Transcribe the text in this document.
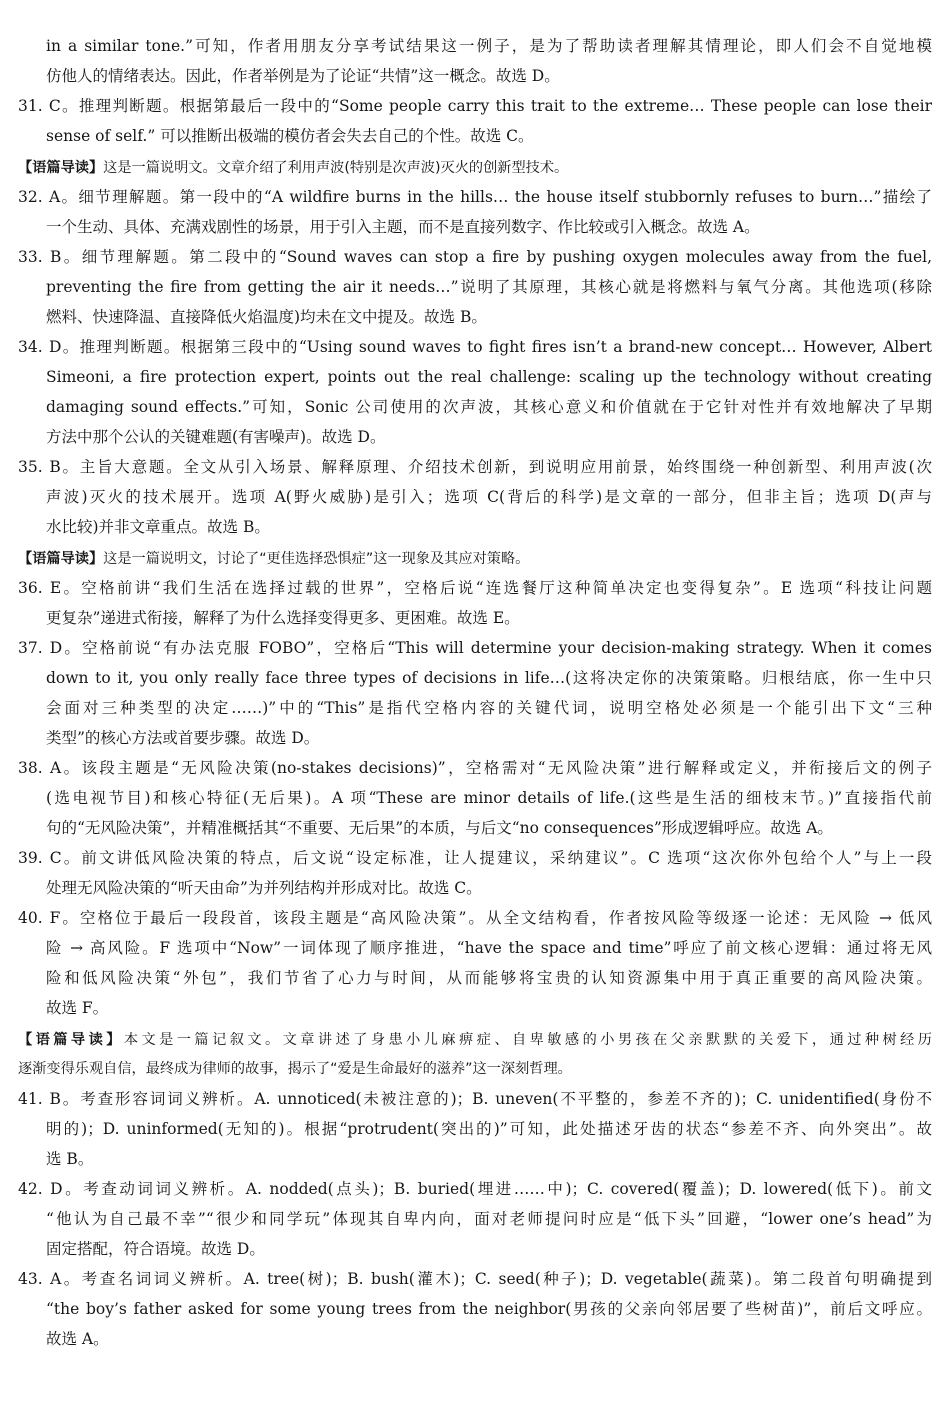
in a similar tone.”可知，作者用朋友分享考试结果这一例子，是为了帮助读者理解其情理论，即人们会不自觉地模
仿他人的情绪表达。因此，作者举例是为了论证“共情”这一概念。故选 D。
31. C。推理判断题。根据第最后一段中的“Some people carry this trait to the extreme… These people can lose their
sense of self.” 可以推断出极端的模仿者会失去自己的个性。故选 C。
【语篇导读】这是一篇说明文。文章介绍了利用声波(特别是次声波)灭火的创新型技术。
32. A。细节理解题。第一段中的“A wildfire burns in the hills… the house itself stubbornly refuses to burn…”描绘了
一个生动、具体、充满戏剧性的场景，用于引入主题，而不是直接列数字、作比较或引入概念。故选 A。
33. B。细节理解题。第二段中的“Sound waves can stop a fire by pushing oxygen molecules away from the fuel,
preventing the fire from getting the air it needs…”说明了其原理，其核心就是将燃料与氧气分离。其他选项(移除
燃料、快速降温、直接降低火焰温度)均未在文中提及。故选 B。
34. D。推理判断题。根据第三段中的“Using sound waves to fight fires isn’t a brand-new concept… However, Albert
Simeoni, a fire protection expert, points out the real challenge: scaling up the technology without creating
damaging sound effects.”可知，Sonic 公司使用的次声波，其核心意义和价值就在于它针对性并有效地解决了早期
方法中那个公认的关键难题(有害噪声)。故选 D。
35. B。主旨大意题。全文从引入场景、解释原理、介绍技术创新，到说明应用前景，始终围绕一种创新型、利用声波(次
声波)灭火的技术展开。选项 A(野火威胁)是引入；选项 C(背后的科学)是文章的一部分，但非主旨；选项 D(声与
水比较)并非文章重点。故选 B。
【语篇导读】这是一篇说明文，讨论了“更佳选择恐惧症”这一现象及其应对策略。
36. E。空格前讲“我们生活在选择过载的世界”，空格后说“连选餐厅这种简单决定也变得复杂”。E 选项“科技让问题
更复杂”递进式衔接，解释了为什么选择变得更多、更困难。故选 E。
37. D。空格前说“有办法克服 FOBO”，空格后“This will determine your decision-making strategy. When it comes
down to it, you only really face three types of decisions in life…(这将决定你的决策策略。归根结底，你一生中只
会面对三种类型的决定……)”中的“This”是指代空格内容的关键代词，说明空格处必须是一个能引出下文“三种
类型”的核心方法或首要步骤。故选 D。
38. A。该段主题是“无风险决策(no-stakes decisions)”，空格需对“无风险决策”进行解释或定义，并衔接后文的例子
(选电视节目)和核心特征(无后果)。A 项“These are minor details of life.(这些是生活的细枝末节。)”直接指代前
句的“无风险决策”，并精准概括其“不重要、无后果”的本质，与后文“no consequences”形成逻辑呼应。故选 A。
39. C。前文讲低风险决策的特点，后文说“设定标准，让人提建议，采纳建议”。C 选项“这次你外包给个人”与上一段
处理无风险决策的“听天由命”为并列结构并形成对比。故选 C。
40. F。空格位于最后一段段首，该段主题是“高风险决策”。从全文结构看，作者按风险等级逐一论述：无风险 → 低风
险 → 高风险。F 选项中“Now”一词体现了顺序推进，“have the space and time”呼应了前文核心逻辑：通过将无风
险和低风险决策“外包”，我们节省了心力与时间，从而能够将宝贵的认知资源集中用于真正重要的高风险决策。
故选 F。
【语篇导读】本文是一篇记叙文。文章讲述了身患小儿麻痹症、自卑敏感的小男孩在父亲默默的关爱下，通过种树经历
逐渐变得乐观自信，最终成为律师的故事，揭示了“爱是生命最好的滋养”这一深刻哲理。
41. B。考查形容词词义辨析。A. unnoticed(未被注意的)；B. uneven(不平整的，参差不齐的)；C. unidentified(身份不
明的)；D. uninformed(无知的)。根据“protrudent(突出的)”可知，此处描述牙齿的状态“参差不齐、向外突出”。故
选 B。
42. D。考查动词词义辨析。A. nodded(点头)；B. buried(埋进……中)；C. covered(覆盖)；D. lowered(低下)。前文
“他认为自己最不幸”“很少和同学玩”体现其自卑内向，面对老师提问时应是“低下头”回避，“lower one’s head”为
固定搭配，符合语境。故选 D。
43. A。考查名词词义辨析。A. tree(树)；B. bush(灌木)；C. seed(种子)；D. vegetable(蔬菜)。第二段首句明确提到
“the boy’s father asked for some young trees from the neighbor(男孩的父亲向邻居要了些树苗)”，前后文呼应。
故选 A。
